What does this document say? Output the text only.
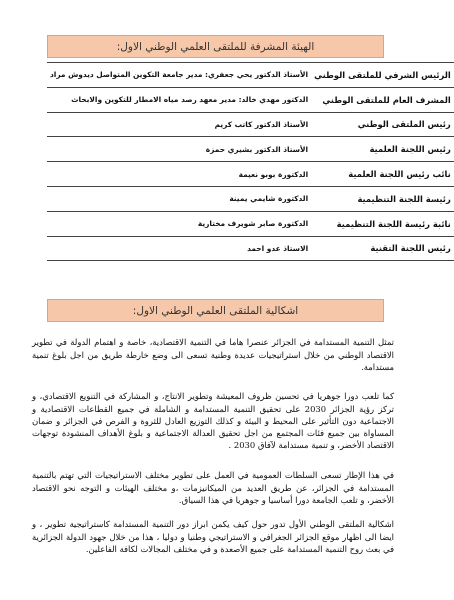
الهيئة المشرفة للملتقى العلمي الوطني الاول:
الرئيس الشرفي للملتقى الوطني	الأستاذ الدكتور يحي جعفري: مدير جامعة التكوين المتواصل ديدوش مراد
المشرف العام للملتقى الوطني	الدكتور مهدي خالد: مدير معهد رصد مياه الامطار للتكوين والابحاث
رئيس الملتقى الوطني	الأستاذ الدكتور كاتب كريم
رئيس اللجنة العلمية	الأستاذ الدكتور بشيري حمزة
نائب رئيس اللجنة العلمية	الدكتورة بوبو نعيمة
رئيسة اللجنة التنظيمية	الدكتورة شايمي يمينة
نائبة رئيسة اللجنة التنظيمية	الدكتورة صابر شويرف مختارية
رئيس اللجنة التقنية	الاستاذ عدو احمد
اشكالية الملتقى العلمي الوطني الاول:

تمثل التنمية المستدامة في الجزائر عنصرا هاما في التنمية الاقتصادية، خاصة و اهتمام الدولة في تطوير الاقتصاد الوطني من خلال استراتيجيات عديدة وطنية تسعى الى وضع خارطة طريق من اجل بلوغ تنمية مستدامة.

كما تلعب دورا جوهريا في تحسين ظروف المعيشة وتطوير الانتاج، و المشاركة في التنويع الاقتصادي، و تركز رؤية الجزائر 2030 على تحقيق التنمية المستدامة و الشاملة في جميع القطاعات الاقتصادية و الاجتماعية دون التأثير على المحيط و البيئة و كذلك التوزيع العادل للثروة و الفرص في الجزائر و ضمان المساواة بين جميع فئات المجتمع من اجل تحقيق العدالة الاجتماعية و بلوغ الأهداف المنشودة توجهات الاقتصاد الأخضر، و تنمية مستدامة لآفاق 2030 .

في هذا الإطار تسعى السلطات العمومية في العمل على تطوير مختلف الاستراتيجيات التي تهتم بالتنمية المستدامة في الجزائر، عن طريق العديد من الميكانيزمات ،و مختلف الهيئات و التوجه نحو الاقتصاد الأخضر، و تلعب الجامعة دورا أساسيا و جوهريا في هذا السياق.

اشكالية الملتقى الوطني الأول تدور حول كيف يكمن ابراز دور التنمية المستدامة كاستراتيجية تطوير ، و ايضا الى اظهار موقع الجزائر الجغرافي و الاستراتيجي وطنيا و دوليا ، هذا من خلال جهود الدولة الجزائرية في بعث روح التنمية المستدامة على جميع الأصعدة و في مختلف المجالات لكافة الفاعلين.
